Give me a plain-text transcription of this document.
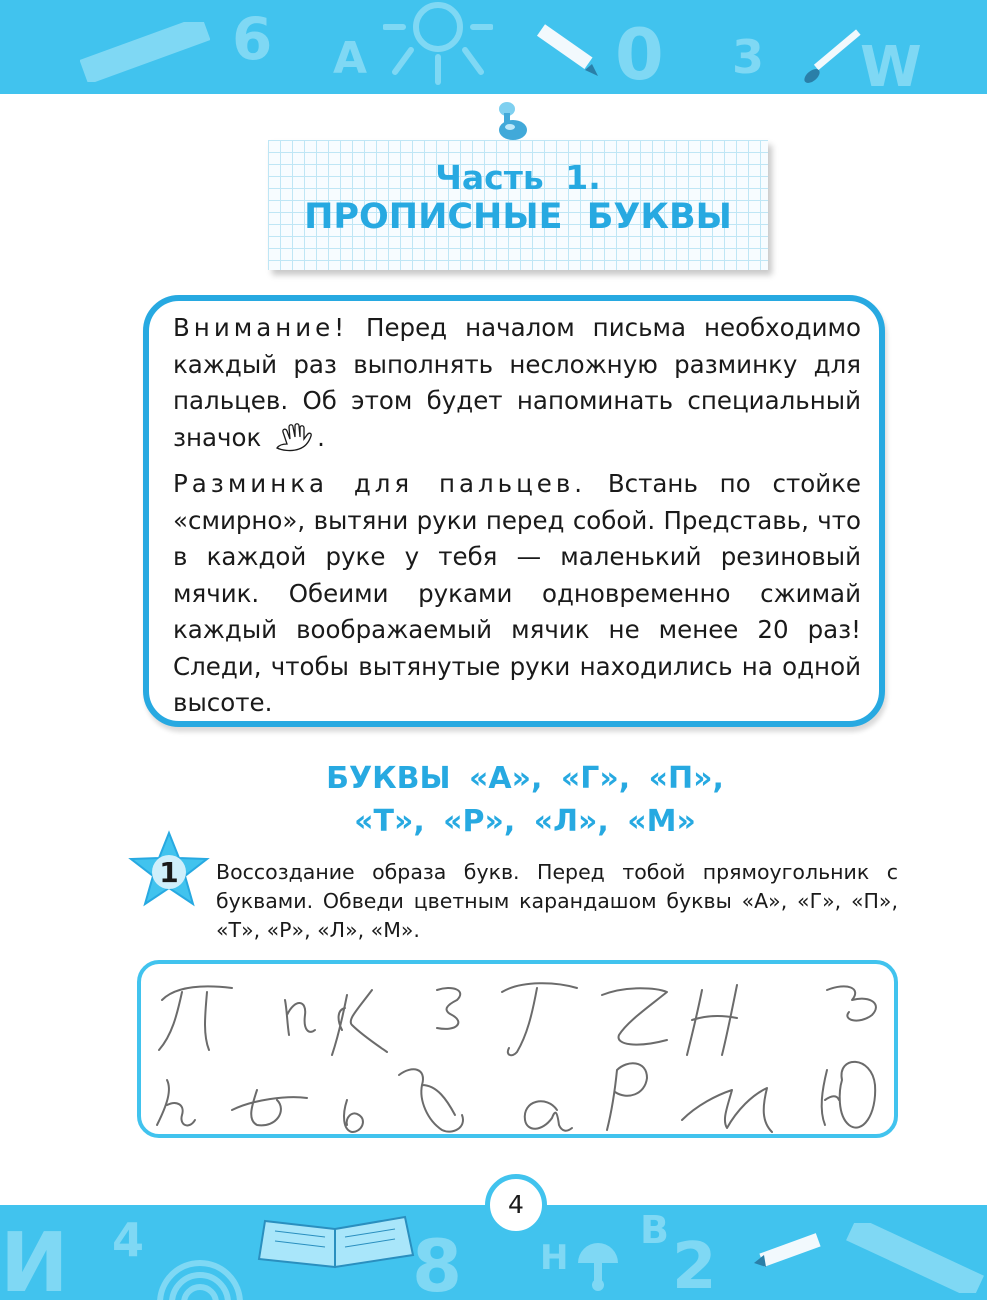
6 А	0 3 W
Часть 1.
ПРОПИСНЫЕ БУКВЫ

Внимание! Перед началом письма необходимо каждый раз выполнять несложную разминку для пальцев. Об этом будет напоминать специальный значок .

Разминка для пальцев. Встань по стойке «смирно», вытяни руки перед собой. Представь, что в каждой руке у тебя — маленький резиновый мячик. Обеими руками одновременно сжимай каждый воображаемый мячик не менее 20 раз! Следи, чтобы вытянутые руки находились на одной высоте.

БУКВЫ «А», «Г», «П»,
«Т», «Р», «Л», «М»
1 Воссоздание образа букв. Перед тобой прямоугольник с буквами. Обведи цветным карандашом буквы «А», «Г», «П», «Т», «Р», «Л», «М».
И 4	8 Н
В 2
4
